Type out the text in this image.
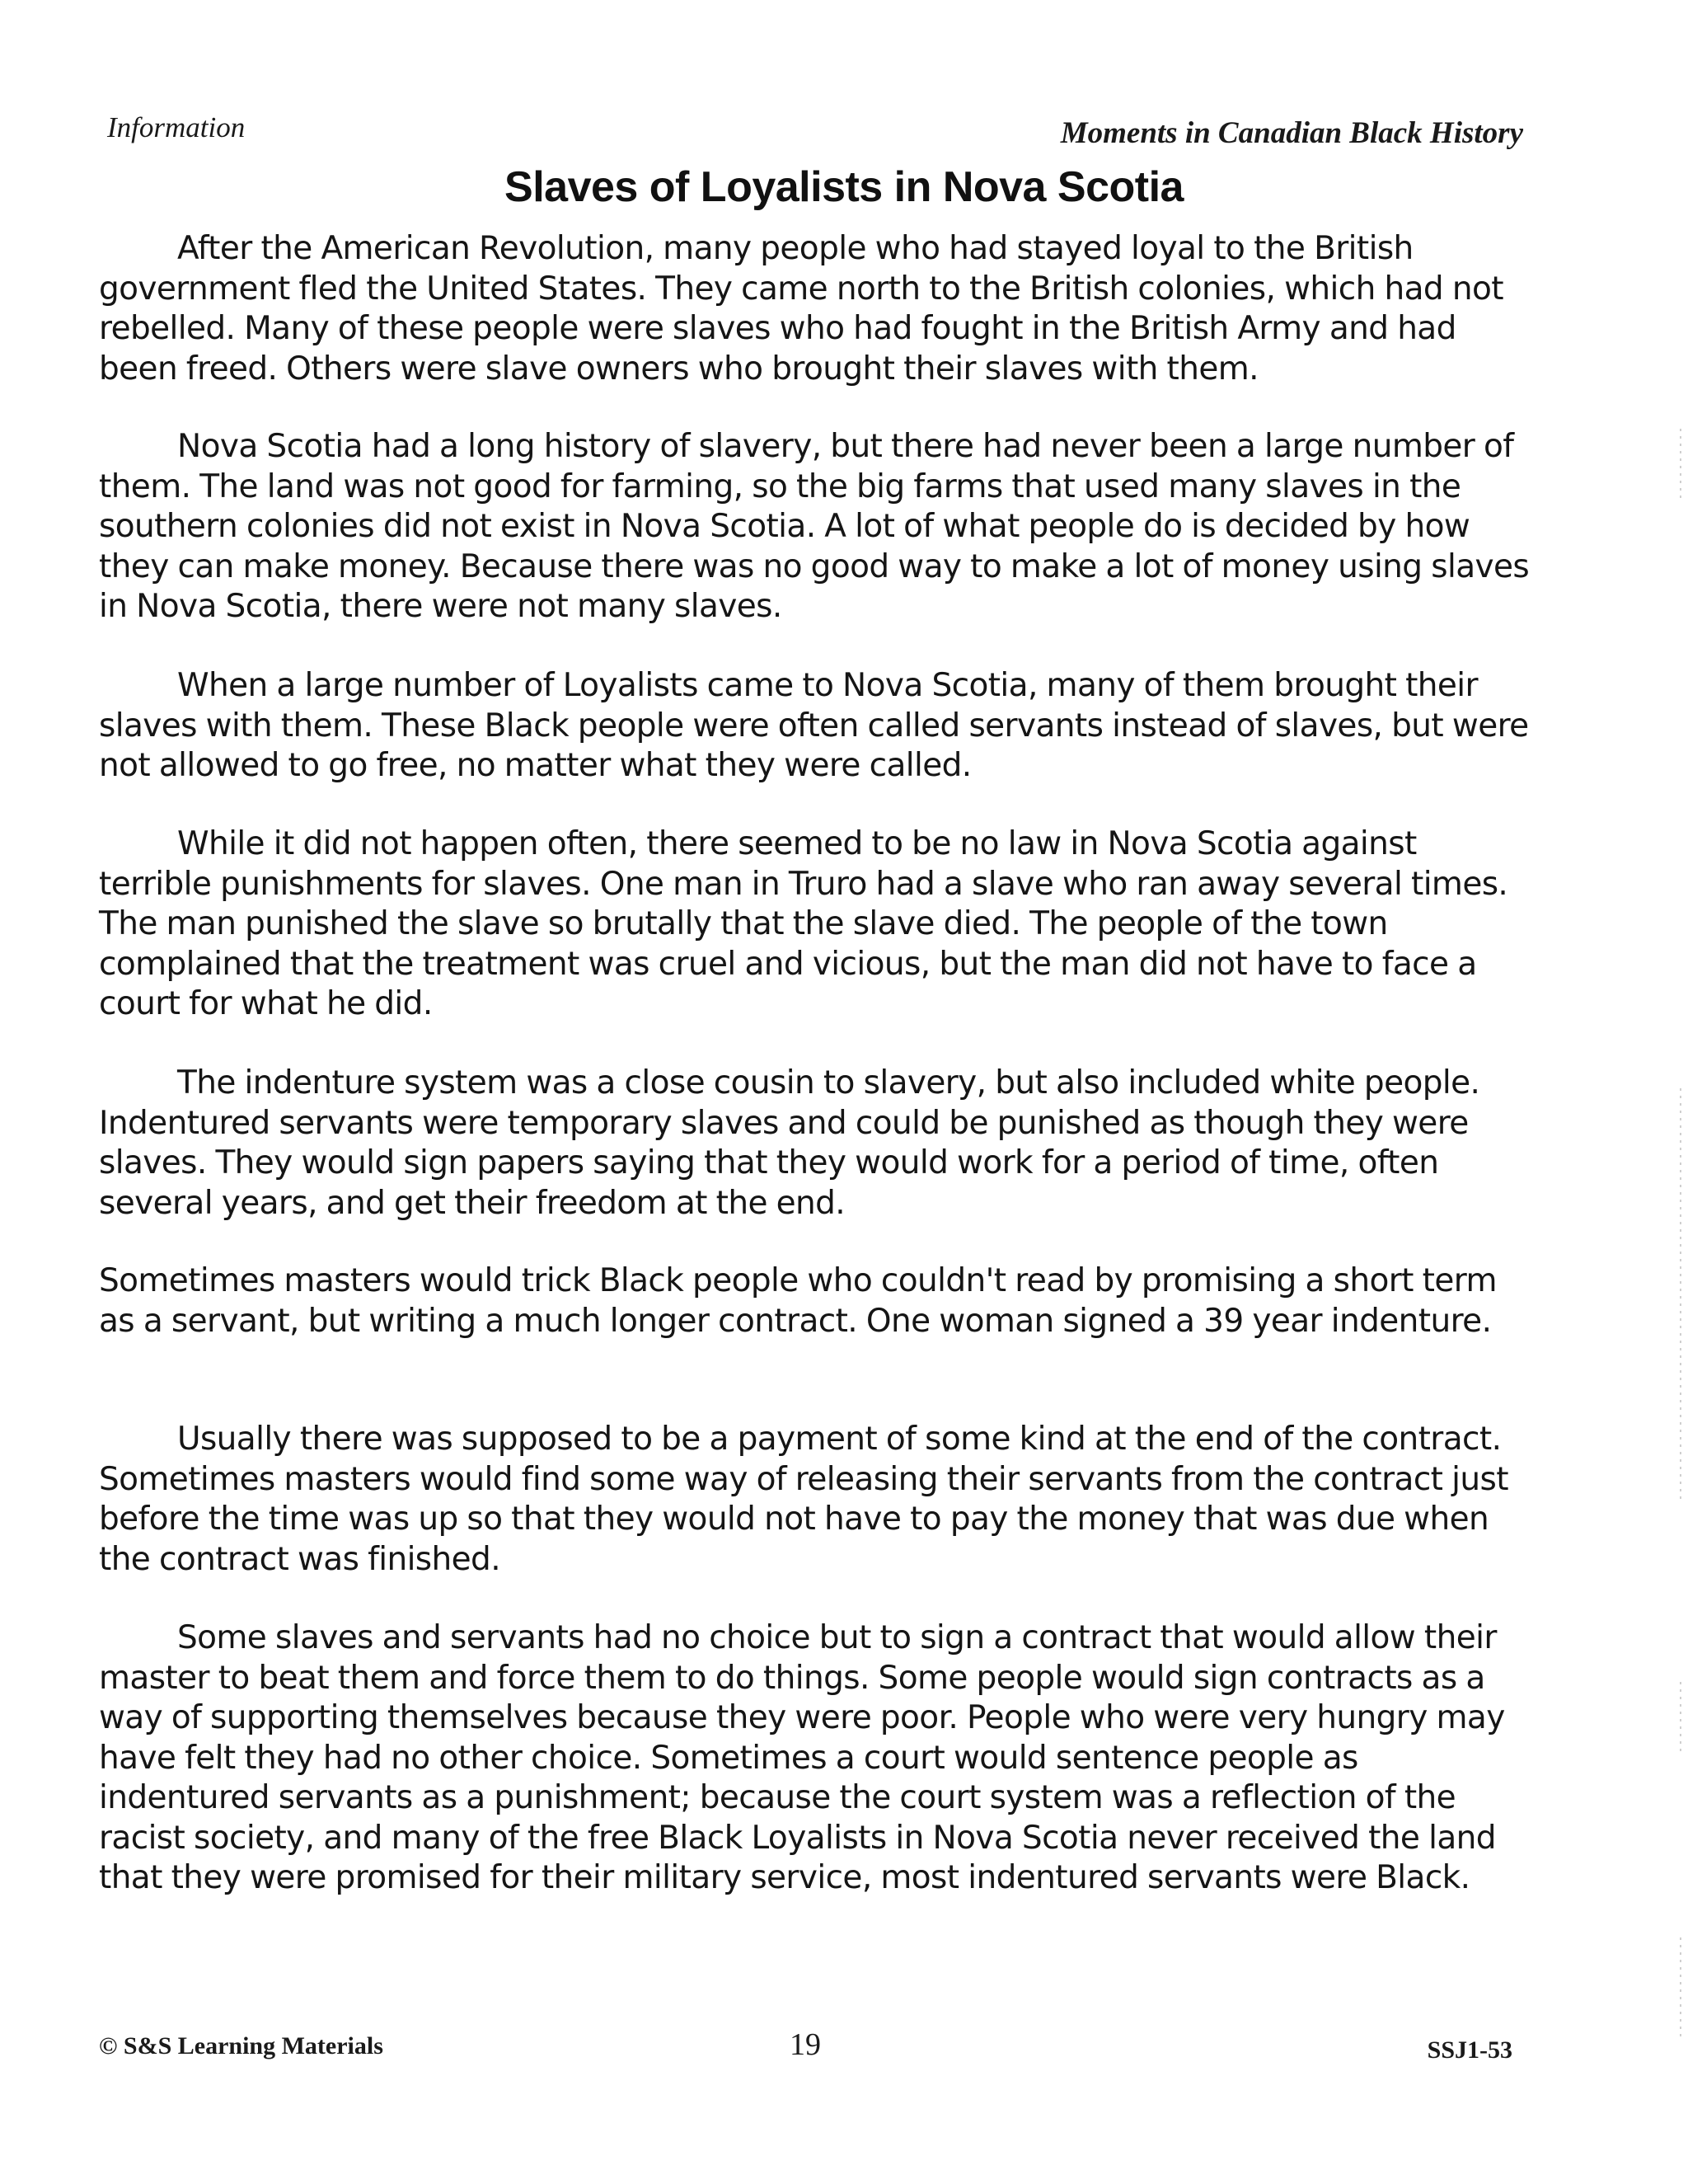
Information	Moments in Canadian Black History
Slaves of Loyalists in Nova Scotia

After the American Revolution, many people who had stayed loyal to the British government fled the United States. They came north to the British colonies, which had not rebelled. Many of these people were slaves who had fought in the British Army and had been freed. Others were slave owners who brought their slaves with them.

Nova Scotia had a long history of slavery, but there had never been a large number of them. The land was not good for farming, so the big farms that used many slaves in the southern colonies did not exist in Nova Scotia. A lot of what people do is decided by how they can make money. Because there was no good way to make a lot of money using slaves in Nova Scotia, there were not many slaves.

When a large number of Loyalists came to Nova Scotia, many of them brought their slaves with them. These Black people were often called servants instead of slaves, but were not allowed to go free, no matter what they were called.

While it did not happen often, there seemed to be no law in Nova Scotia against terrible punishments for slaves. One man in Truro had a slave who ran away several times. The man punished the slave so brutally that the slave died. The people of the town complained that the treatment was cruel and vicious, but the man did not have to face a court for what he did.

The indenture system was a close cousin to slavery, but also included white people. Indentured servants were temporary slaves and could be punished as though they were slaves. They would sign papers saying that they would work for a period of time, often several years, and get their freedom at the end.

Sometimes masters would trick Black people who couldn't read by promising a short term as a servant, but writing a much longer contract. One woman signed a 39 year indenture.

Usually there was supposed to be a payment of some kind at the end of the contract. Sometimes masters would find some way of releasing their servants from the contract just before the time was up so that they would not have to pay the money that was due when the contract was finished.

Some slaves and servants had no choice but to sign a contract that would allow their master to beat them and force them to do things. Some people would sign contracts as a way of supporting themselves because they were poor. People who were very hungry may have felt they had no other choice. Sometimes a court would sentence people as indentured servants as a punishment; because the court system was a reflection of the racist society, and many of the free Black Loyalists in Nova Scotia never received the land that they were promised for their military service, most indentured servants were Black.

© S&S Learning Materials	19	SSJ1-53
